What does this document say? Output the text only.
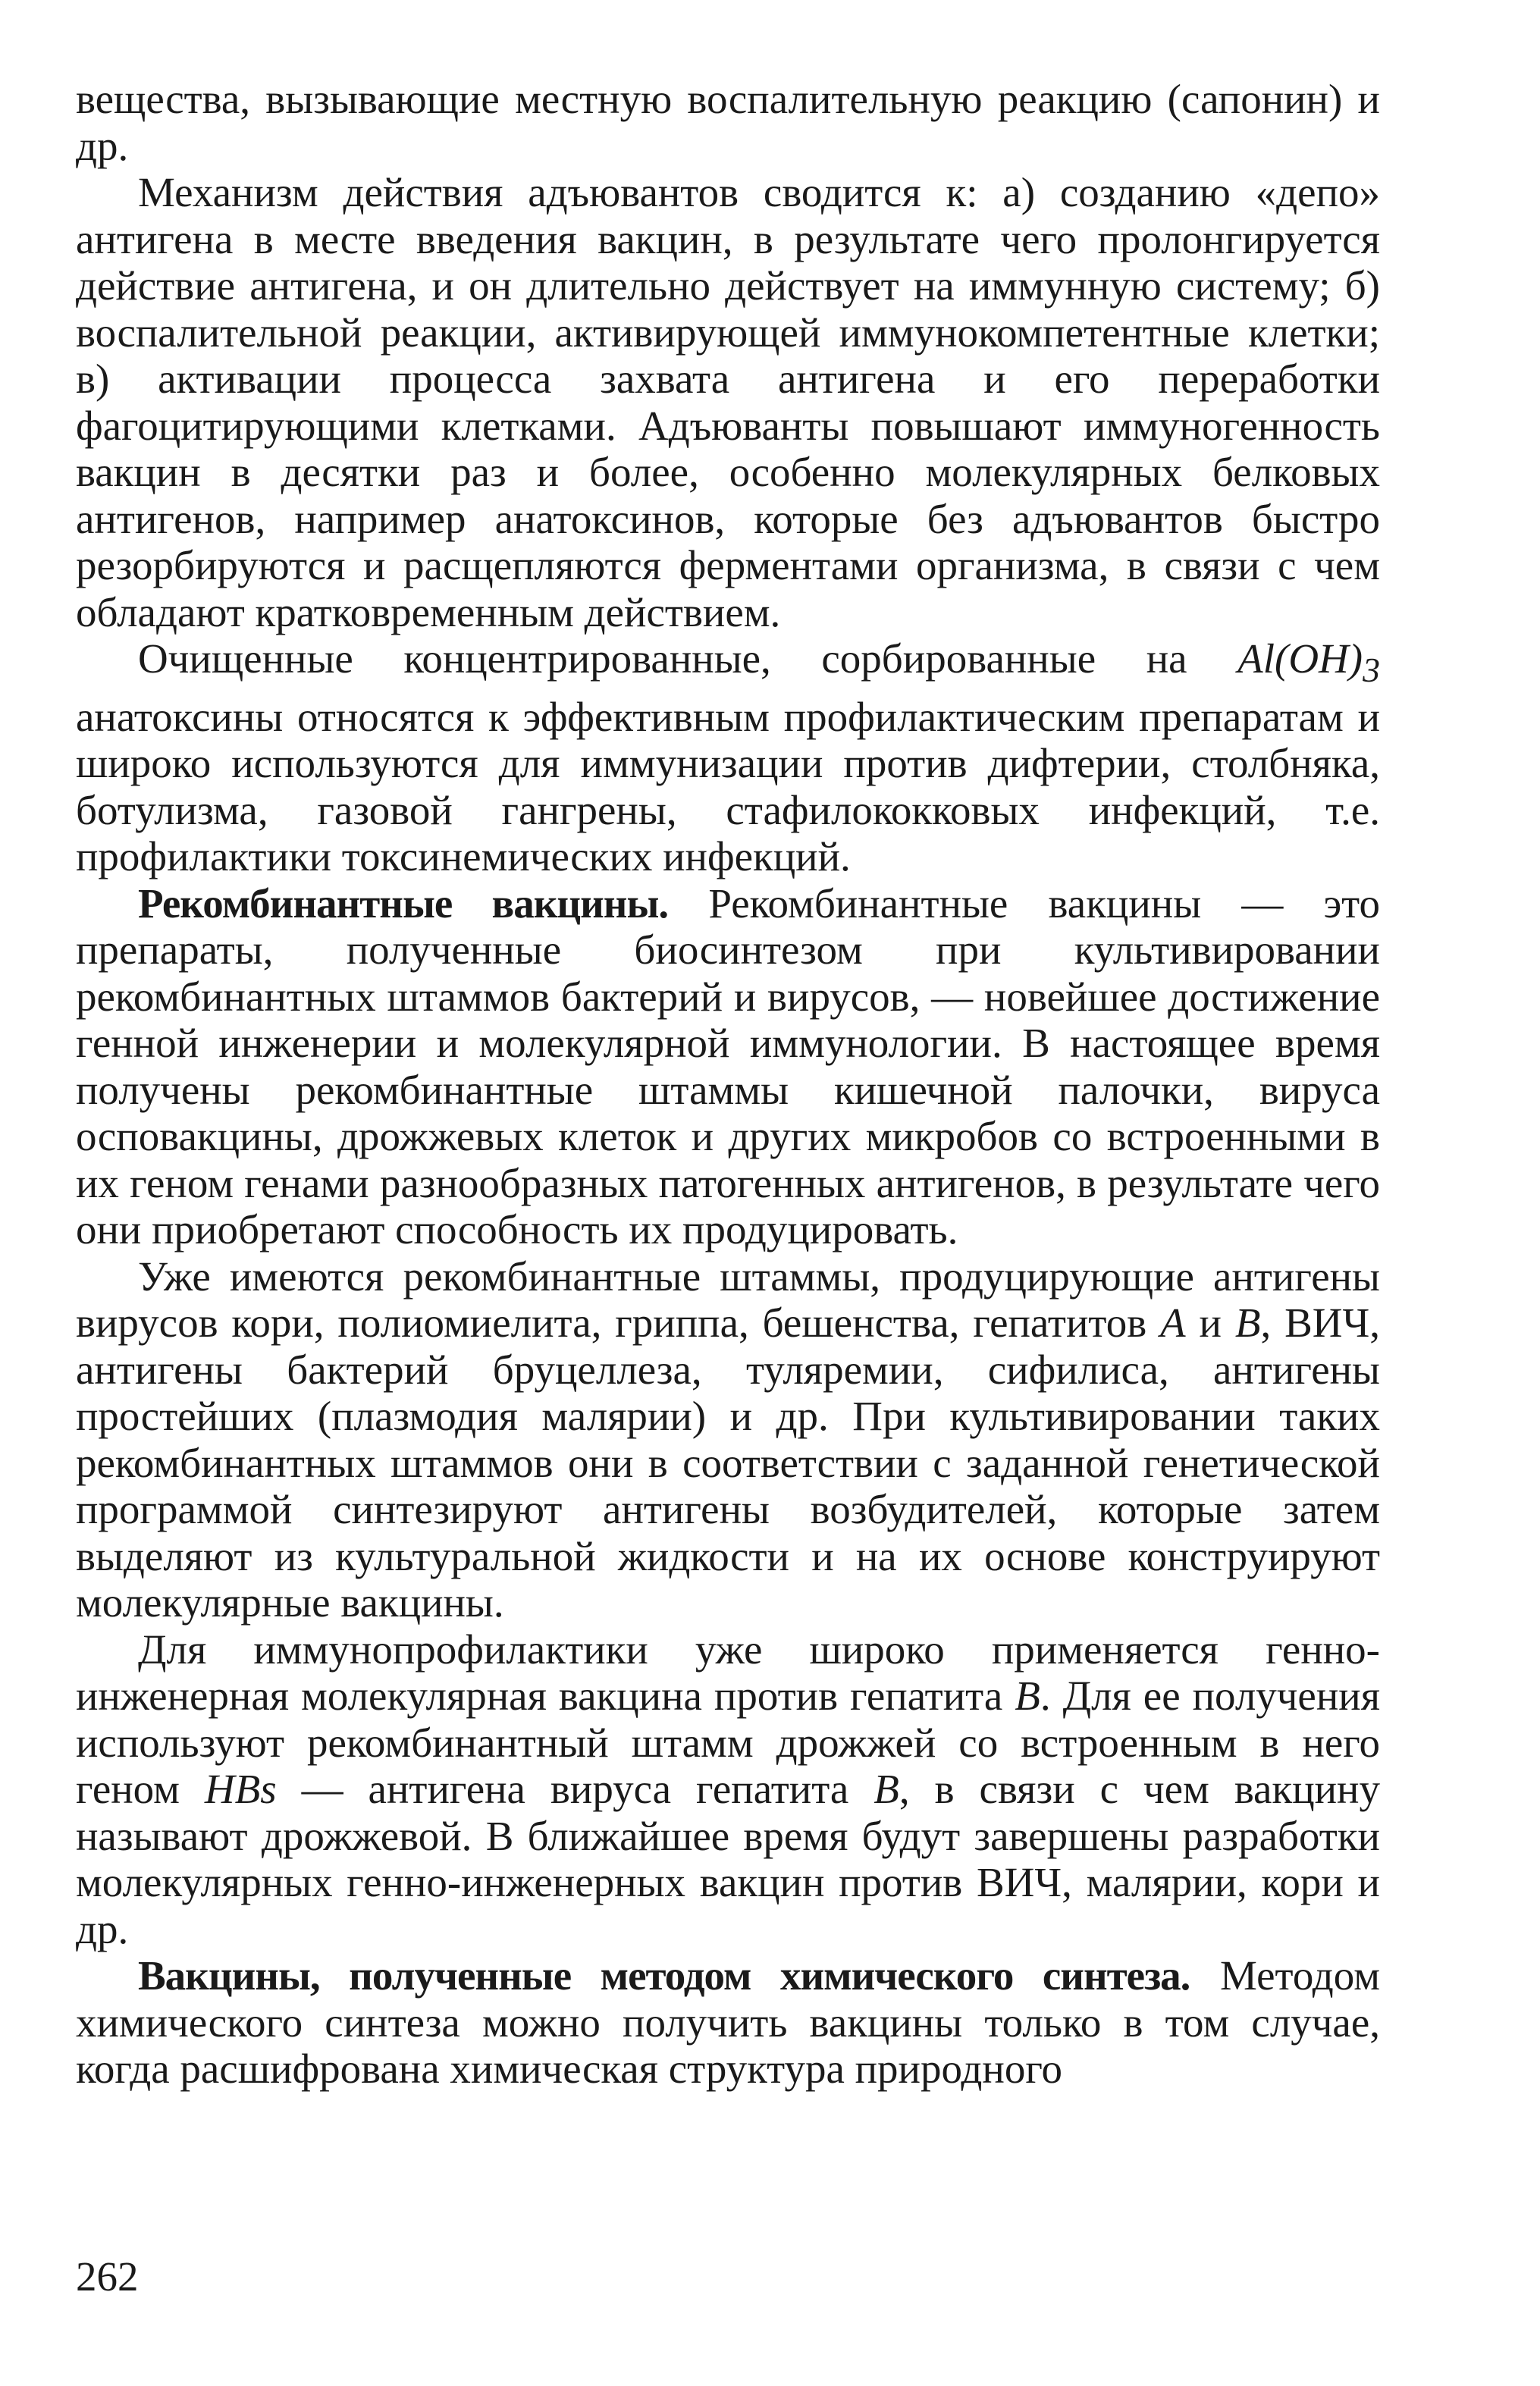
вещества, вызывающие местную воспалительную реакцию (сапонин) и др.

Механизм действия адъювантов сводится к: а) созданию «депо» антигена в месте введения вакцин, в результате чего пролонгируется действие антигена, и он длительно действует на иммунную систему; б) воспалительной реакции, активирующей иммунокомпетентные клетки; в) активации процесса захвата антигена и его переработки фагоцитирующими клетками. Адъюванты повышают иммуногенность вакцин в десятки раз и более, особенно молекулярных белковых антигенов, например анатоксинов, которые без адъювантов быстро резорбируются и расщепляются ферментами организма, в связи с чем обладают кратковременным действием.

Очищенные концентрированные, сорбированные на $Al(OH)_3$ анатоксины относятся к эффективным профилактическим препаратам и широко используются для иммунизации против дифтерии, столбняка, ботулизма, газовой гангрены, стафилококковых инфекций, т.е. профилактики токсинемических инфекций.

Рекомбинантные вакцины. Рекомбинантные вакцины — это препараты, полученные биосинтезом при культивировании рекомбинантных штаммов бактерий и вирусов, — новейшее достижение генной инженерии и молекулярной иммунологии. В настоящее время получены рекомбинантные штаммы кишечной палочки, вируса осповакцины, дрожжевых клеток и других микробов со встроенными в их геном генами разнообразных патогенных антигенов, в результате чего они приобретают способность их продуцировать.

Уже имеются рекомбинантные штаммы, продуцирующие антигены вирусов кори, полиомиелита, гриппа, бешенства, гепатитов A и B, ВИЧ, антигены бактерий бруцеллеза, туляремии, сифилиса, антигены простейших (плазмодия малярии) и др. При культивировании таких рекомбинантных штаммов они в соответствии с заданной генетической программой синтезируют антигены возбудителей, которые затем выделяют из культуральной жидкости и на их основе конструируют молекулярные вакцины.

Для иммунопрофилактики уже широко применяется генно-инженерная молекулярная вакцина против гепатита B. Для ее получения используют рекомбинантный штамм дрожжей со встроенным в него геном HBs — антигена вируса гепатита B, в связи с чем вакцину называют дрожжевой. В ближайшее время будут завершены разработки молекулярных генно-инженерных вакцин против ВИЧ, малярии, кори и др.

Вакцины, полученные методом химического синтеза. Методом химического синтеза можно получить вакцины только в том случае, когда расшифрована химическая структура природного

262
